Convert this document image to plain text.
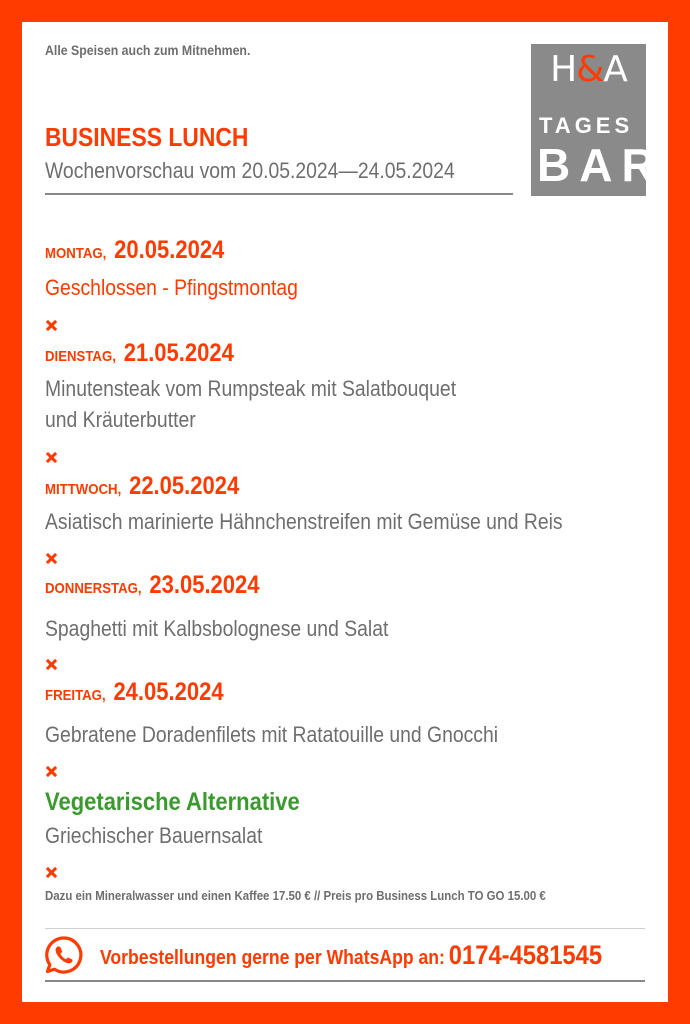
Alle Speisen auch zum Mitnehmen.	H&A
TAGES
BAR
BUSINESS LUNCH
Wochenvorschau vom 20.05.2024—24.05.2024
MONTAG, 20.05.2024
Geschlossen - Pfingstmontag
DIENSTAG, 21.05.2024
Minutensteak vom Rumpsteak mit Salatbouquet
und Kräuterbutter
MITTWOCH, 22.05.2024
Asiatisch marinierte Hähnchenstreifen mit Gemüse und Reis
DONNERSTAG, 23.05.2024
Spaghetti mit Kalbsbolognese und Salat
FREITAG, 24.05.2024
Gebratene Doradenfilets mit Ratatouille und Gnocchi
Vegetarische Alternative
Griechischer Bauernsalat
Dazu ein Mineralwasser und einen Kaffee 17.50 € // Preis pro Business Lunch TO GO 15.00 €
Vorbestellungen gerne per WhatsApp an: 0174-4581545
